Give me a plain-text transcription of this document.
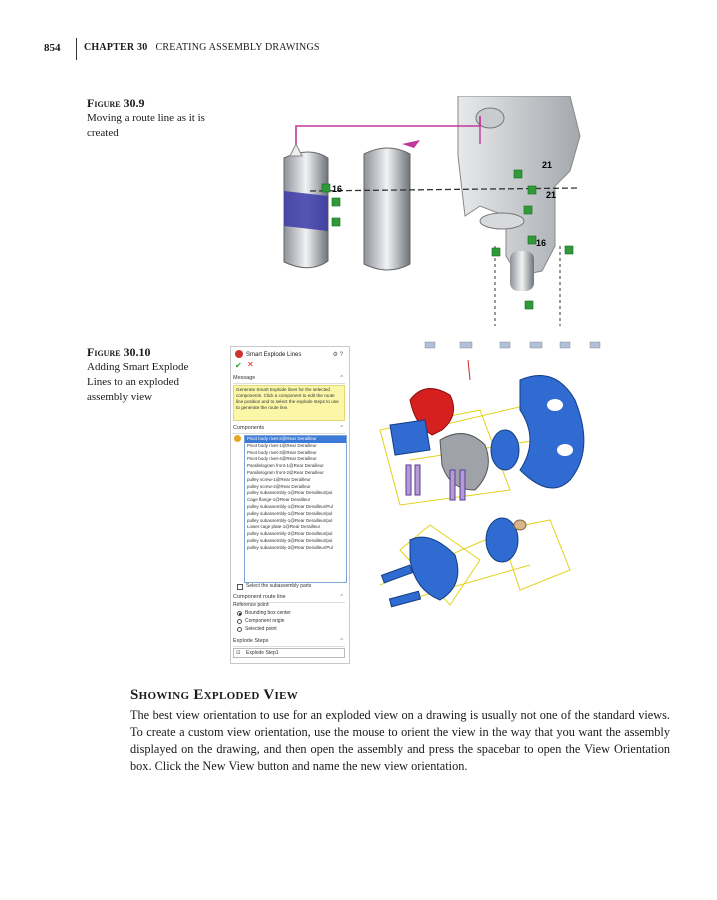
854 CHAPTER 30 CREATING ASSEMBLY DRAWINGS
Figure 30.9
Moving a route line as it is created
16
21
21
16
Figure 30.10
Adding Smart Explode Lines to an exploded assembly view
Smart Explode Lines	⚙ ?
✔ ✕
Message	^
Generate Smart Explode lines for the selected components. Click a component to edit the route line position and to select the explode steps to use to generate the route line.
Components	^
Pivot body rivet-2@Rear Derailleur
Pivot body rivet-1@Rear Derailleur
Pivot body rivet-3@Rear Derailleur
Pivot body rivet-4@Rear Derailleur
Parallelogram front-1@Rear Derailleur
Parallelogram front-2@Rear Derailleur
pulley screw-1@Rear Derailleur
pulley screw-2@Rear Derailleur
pulley subassembly-1@Rear Derailleur/pul
Cage flange-1@Rear Derailleur
pulley subassembly-1@Rear Derailleur/Pul
pulley subassembly-1@Rear Derailleur/pul
pulley subassembly-1@Rear Derailleur/pul
Lower cage plate-1@Rear Derailleur
pulley subassembly-2@Rear Derailleur/pul
pulley subassembly-2@Rear Derailleur/pul
pulley subassembly-2@Rear Derailleur/Pul
Select the subassembly parts
Component route line	^
Reference point:
Bounding box center
Component origin
Selected point
Explode Steps	^
☑ Explode Step1
Showing Exploded View
The best view orientation to use for an exploded view on a drawing is usually not one of the standard views. To create a custom view orientation, use the mouse to orient the view in the way that you want the assembly displayed on the drawing, and then open the assembly and press the spacebar to open the View Orientation box. Click the New View button and name the new view orientation.
